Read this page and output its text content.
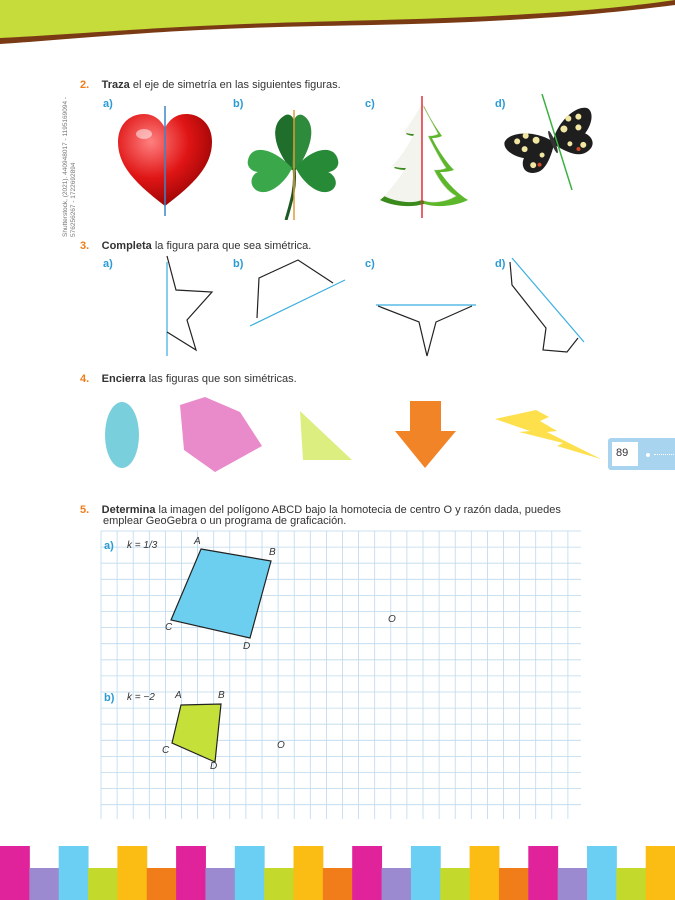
Shutterstock, (2021). 440948017 - 1195169094 - 576256267 - 1722692894
89
2. Traza el eje de simetría en las siguientes figuras.
a)	b)	c)	d)
3. Completa la figura para que sea simétrica.
a)	b)	c)	d)
4. Encierra las figuras que son simétricas.
5. Determina la imagen del polígono ABCD bajo la homotecia de centro O y razón dada, puedes
emplear GeoGebra o un programa de graficación.
a) k = 1/3	A
B
C
D
O
b) k = −2 A	B
C
D
O
